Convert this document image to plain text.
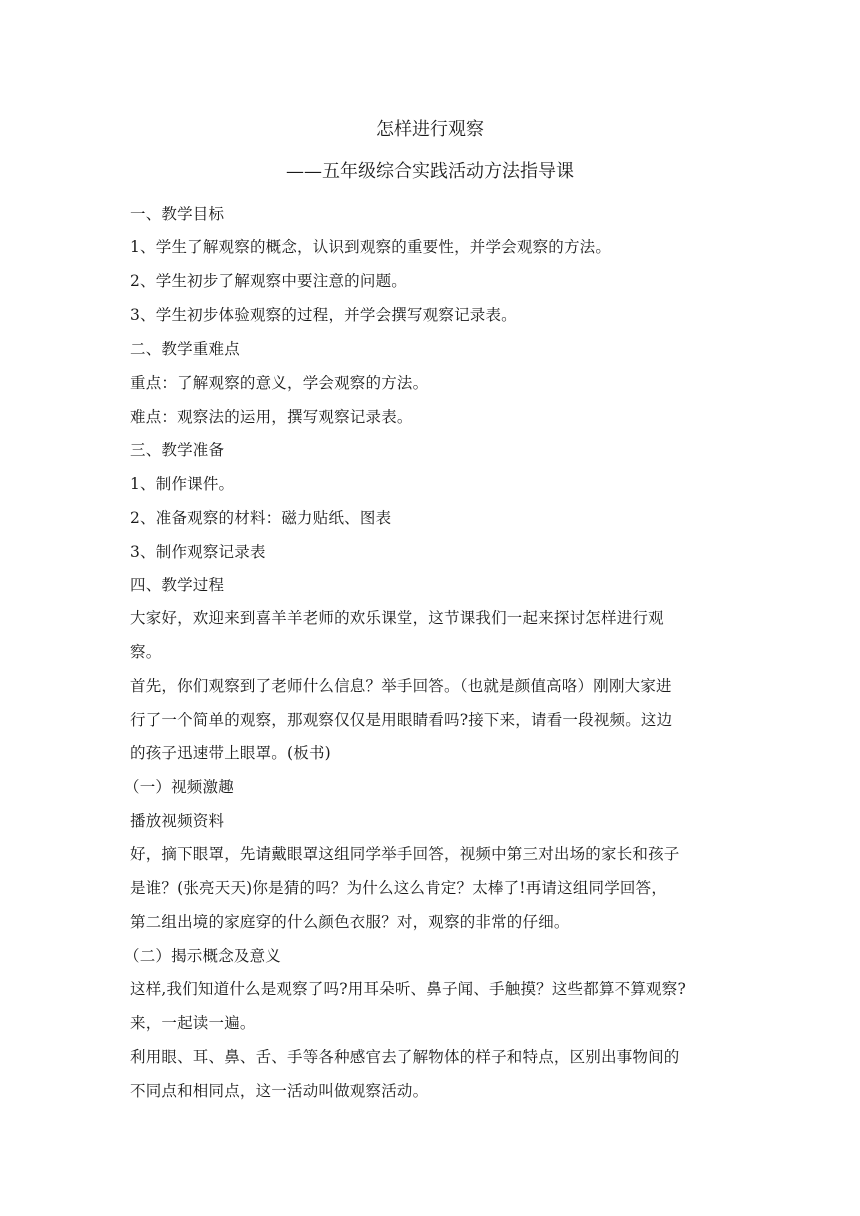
怎样进行观察
——五年级综合实践活动方法指导课
一、教学目标
1、学生了解观察的概念，认识到观察的重要性，并学会观察的方法。
2、学生初步了解观察中要注意的问题。
3、学生初步体验观察的过程，并学会撰写观察记录表。
二、教学重难点
重点：了解观察的意义，学会观察的方法。
难点：观察法的运用，撰写观察记录表。
三、教学准备
1、制作课件。
2、准备观察的材料：磁力贴纸、图表
3、制作观察记录表
四、教学过程
大家好，欢迎来到喜羊羊老师的欢乐课堂，这节课我们一起来探讨怎样进行观
察。
首先，你们观察到了老师什么信息？举手回答。（也就是颜值高咯）刚刚大家进
行了一个简单的观察，那观察仅仅是用眼睛看吗?接下来，请看一段视频。这边
的孩子迅速带上眼罩。(板书)
（一）视频激趣
播放视频资料
好，摘下眼罩，先请戴眼罩这组同学举手回答，视频中第三对出场的家长和孩子
是谁？(张亮天天)你是猜的吗？为什么这么肯定？太棒了!再请这组同学回答，
第二组出境的家庭穿的什么颜色衣服？对，观察的非常的仔细。
（二）揭示概念及意义
这样,我们知道什么是观察了吗?用耳朵听、鼻子闻、手触摸？这些都算不算观察?
来，一起读一遍。
利用眼、耳、鼻、舌、手等各种感官去了解物体的样子和特点，区别出事物间的
不同点和相同点，这一活动叫做观察活动。
